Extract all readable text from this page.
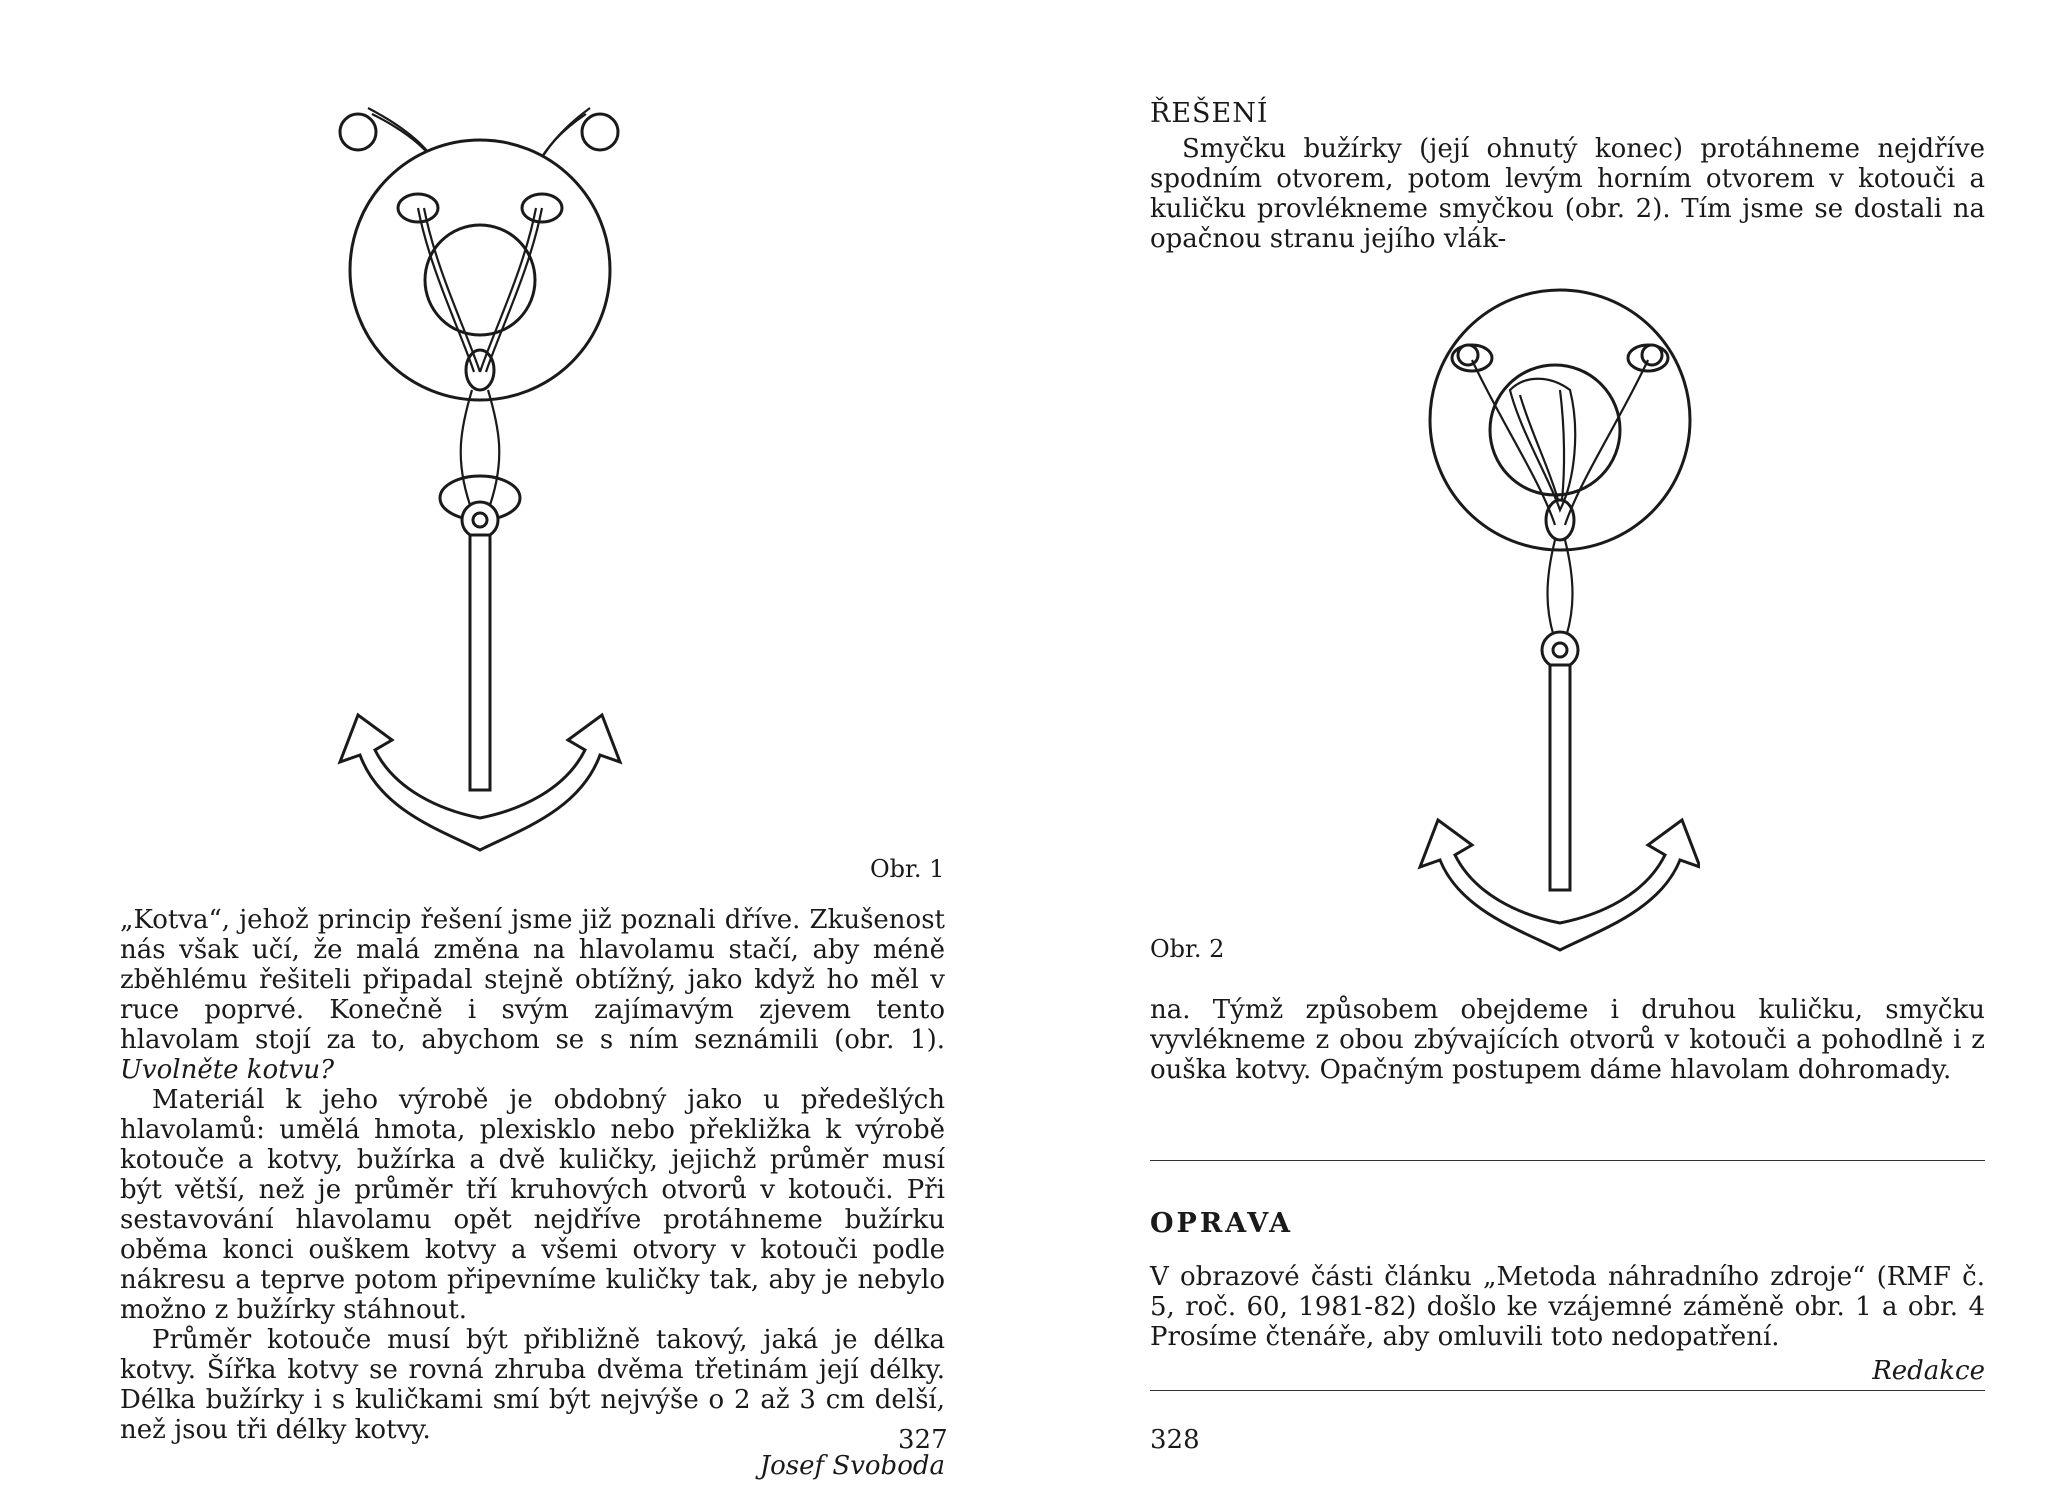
Obr. 1

„Kotva“, jehož princip řešení jsme již poznali dříve. Zkušenost nás však učí, že malá změna na hlavolamu stačí, aby méně zběhlému řešiteli připadal stejně obtížný, jako když ho měl v ruce poprvé. Konečně i svým zajímavým zjevem tento hlavolam stojí za to, abychom se s ním seznámili (obr. 1). Uvolněte kotvu?

Materiál k jeho výrobě je obdobný jako u předešlých hlavolamů: umělá hmota, plexisklo nebo překližka k výrobě kotouče a kotvy, bužírka a dvě kuličky, jejichž průměr musí být větší, než je průměr tří kruhových otvorů v kotouči. Při sestavování hlavolamu opět nejdříve protáhneme bužírku oběma konci ouškem kotvy a všemi otvory v kotouči podle nákresu a teprve potom připevníme kuličky tak, aby je nebylo možno z bužírky stáhnout.

Průměr kotouče musí být přibližně takový, jaká je délka kotvy. Šířka kotvy se rovná zhruba dvěma třetinám její délky. Délka bužírky i s kuličkami smí být nejvýše o 2 až 3 cm delší, než jsou tři délky kotvy.

Josef Svoboda
327
ŘEŠENÍ

Smyčku bužírky (její ohnutý konec) protáhneme nejdříve spodním otvorem, potom levým horním otvorem v kotouči a kuličku provlékneme smyčkou (obr. 2). Tím jsme se dostali na opačnou stranu jejího vlák-

Obr. 2

na. Týmž způsobem obejdeme i druhou kuličku, smyčku vyvlékneme z obou zbývajících otvorů v kotouči a pohodlně i z ouška kotvy. Opačným postupem dáme hlavolam dohromady.

OPRAVA

V obrazové části článku „Metoda náhradního zdroje“ (RMF č. 5, roč. 60, 1981-82) došlo ke vzájemné záměně obr. 1 a obr. 4 Prosíme čtenáře, aby omluvili toto nedopatření.

Redakce
328
